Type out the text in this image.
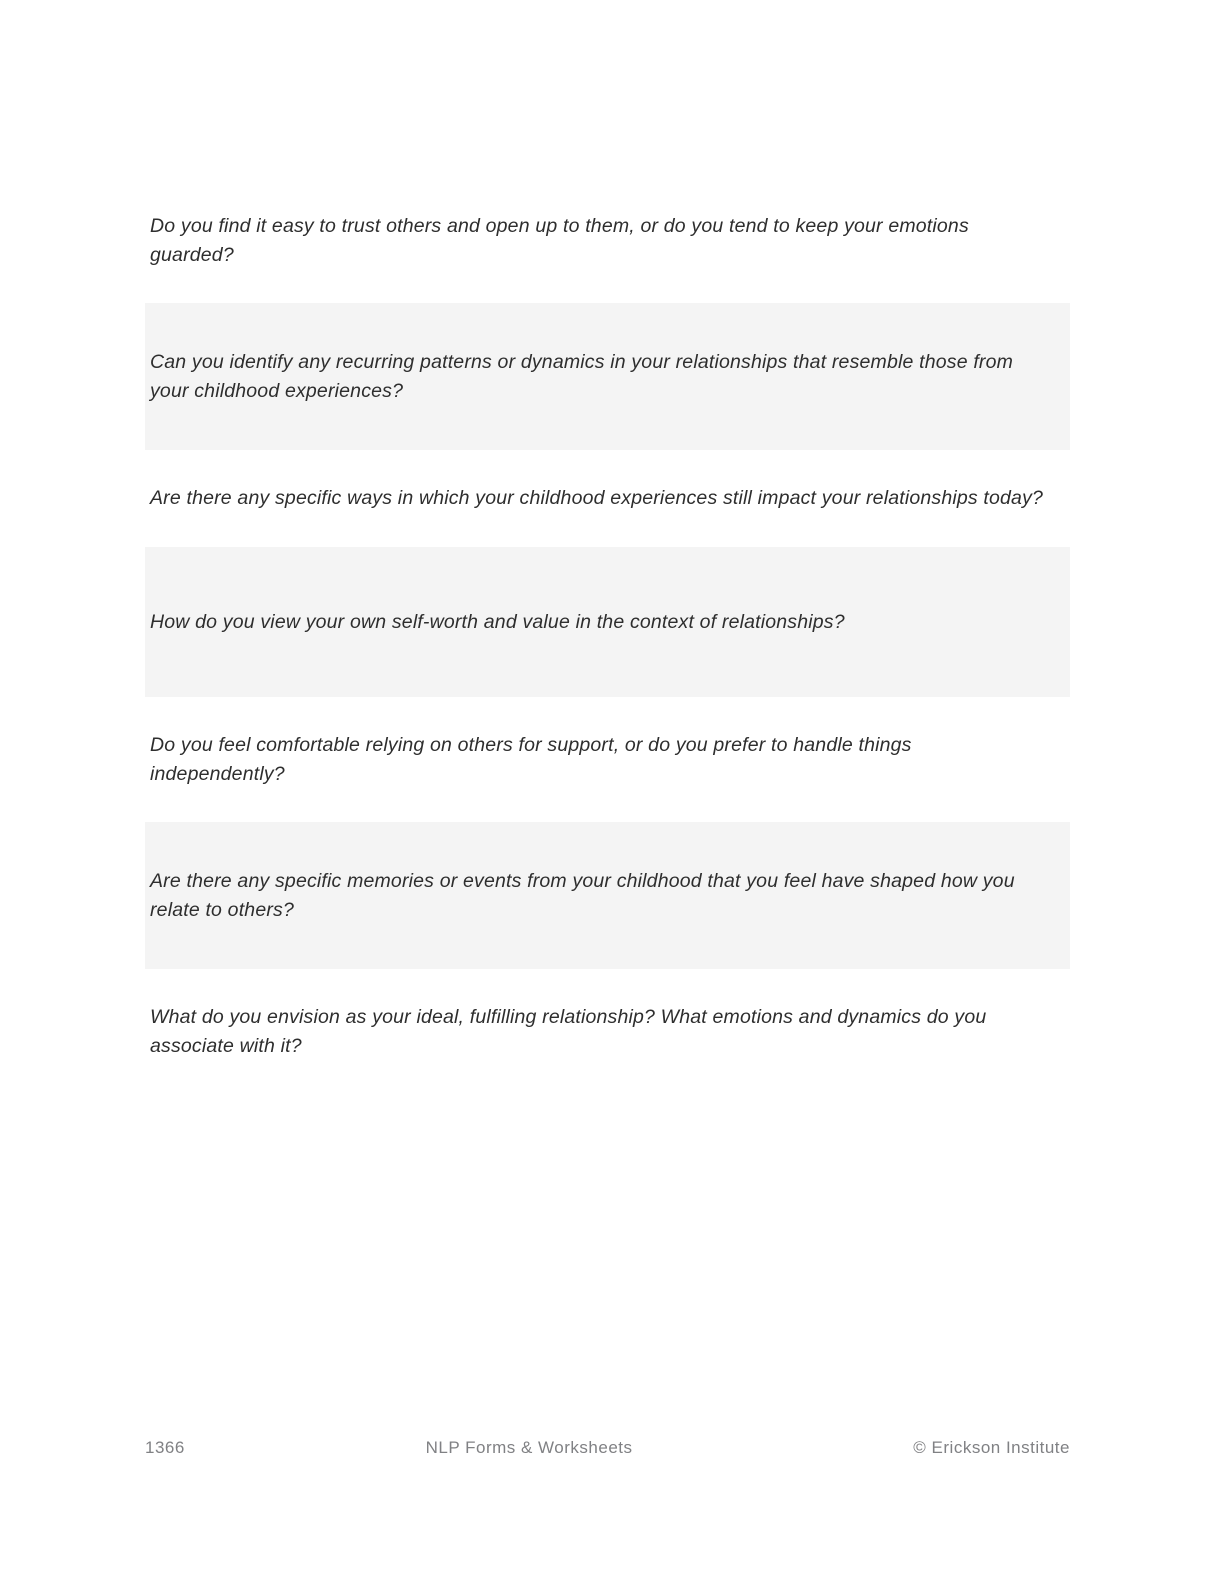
Do you find it easy to trust others and open up to them, or do you tend to keep your emotions guarded?

Can you identify any recurring patterns or dynamics in your relationships that resemble those from your childhood experiences?

Are there any specific ways in which your childhood experiences still impact your relationships today?

How do you view your own self-worth and value in the context of relationships?

Do you feel comfortable relying on others for support, or do you prefer to handle things independently?

Are there any specific memories or events from your childhood that you feel have shaped how you relate to others?

What do you envision as your ideal, fulfilling relationship? What emotions and dynamics do you associate with it?

1366	NLP Forms & Worksheets	© Erickson Institute
